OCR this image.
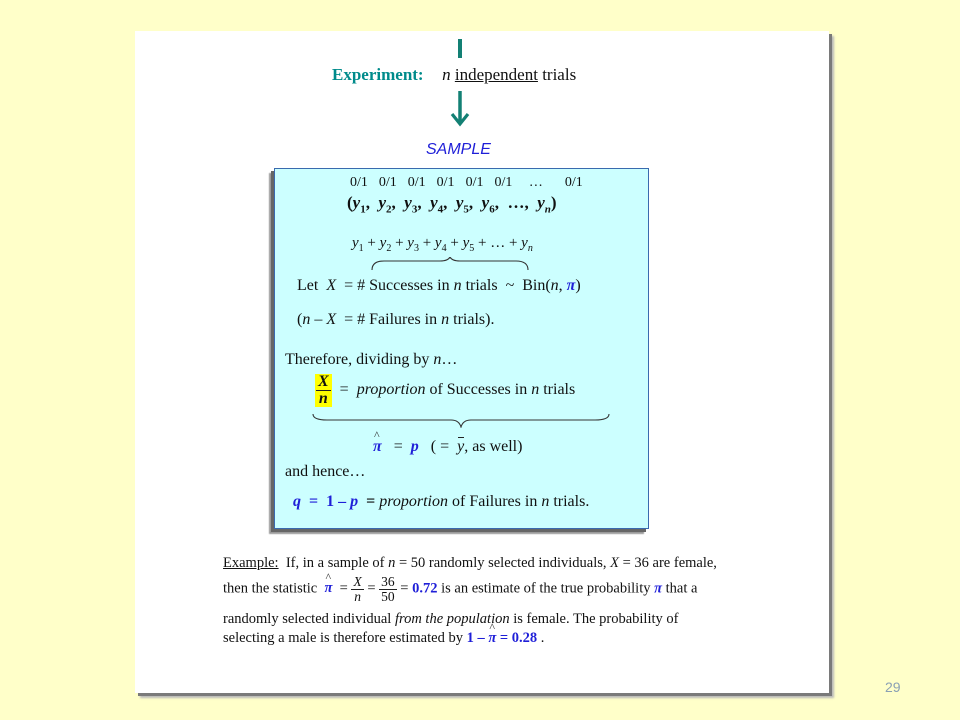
Experiment: n independent trials
SAMPLE
0/1 0/1 0/1 0/1 0/1 0/1 … 0/1
($y_1$,  $y_2$,  $y_3$,  $y_4$,  $y_5$,  $y_6$,  …,  $y_n$)
$y_1 + y_2 + y_3 + y_4 + y_5$ + … + $y_n$
Let X = # Successes in n trials ~ Bin(n, π)
(n – X  = # Failures in n trials).
Therefore, dividing by n…
$\frac{X}{n}$ = proportion of Successes in n trials
^ π = p ( = y, as well)
and hence…
q  =  1 – p = proportion of Failures in n trials.
Example:  If, in a sample of n = 50 randomly selected individuals, X = 36 are female,
then the statistic ^ $\pi = \frac{X}{n} = \frac{36}{50} = 0.72$ is an estimate of the true probability π that a
randomly selected individual from the population is female. The probability of
selecting a male is therefore estimated by 1 – ^ π = 0.28 .
29
